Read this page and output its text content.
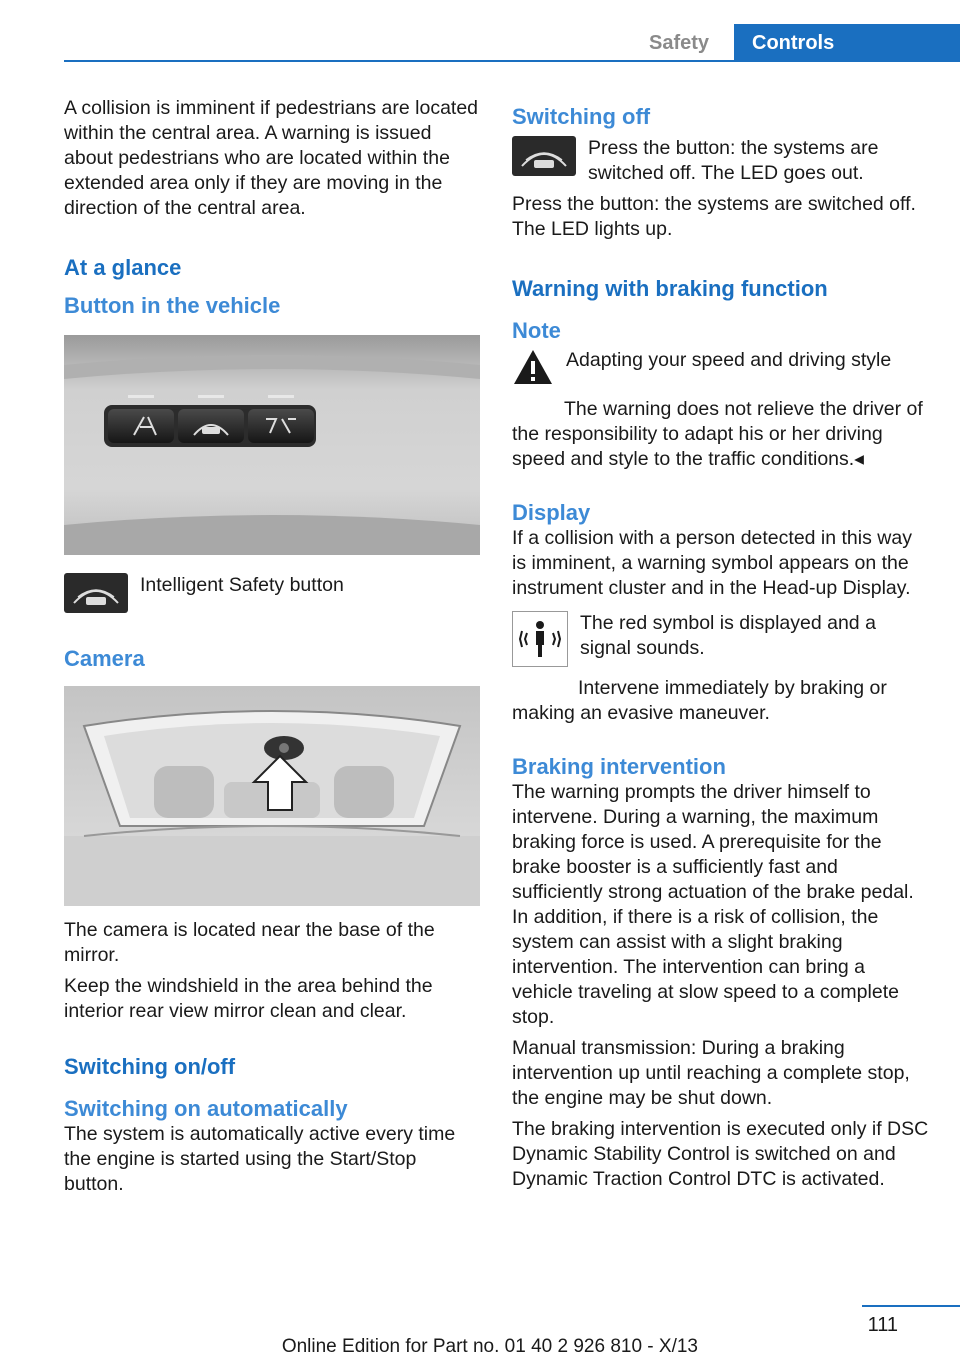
Safety	Controls

A collision is imminent if pedestrians are located within the central area. A warning is issued about pedestrians who are located within the extended area only if they are moving in the direction of the central area.

At a glance
Button in the vehicle
Intelligent Safety button
Camera

The camera is located near the base of the mirror.

Keep the windshield in the area behind the interior rear view mirror clean and clear.

Switching on/off
Switching on automatically

The system is automatically active every time the engine is started using the Start/Stop button.

Switching off
Press the button: the systems are switched off. The LED goes out.

Press the button: the systems are switched off. The LED lights up.

Warning with braking function
Note
Adapting your speed and driving style

The warning does not relieve the driver of the responsibility to adapt his or her driving speed and style to the traffic conditions.◂

Display

If a collision with a person detected in this way is imminent, a warning symbol appears on the instrument cluster and in the Head-up Display.

The red symbol is displayed and a signal sounds.

Intervene immediately by braking or making an evasive maneuver.

Braking intervention

The warning prompts the driver himself to intervene. During a warning, the maximum braking force is used. A prerequisite for the brake booster is a sufficiently fast and sufficiently strong actuation of the brake pedal. In addition, if there is a risk of collision, the system can assist with a slight braking intervention. The intervention can bring a vehicle traveling at slow speed to a complete stop.

Manual transmission: During a braking intervention up until reaching a complete stop, the engine may be shut down.

The braking intervention is executed only if DSC Dynamic Stability Control is switched on and Dynamic Traction Control DTC is activated.

111
Online Edition for Part no. 01 40 2 926 810 - X/13
